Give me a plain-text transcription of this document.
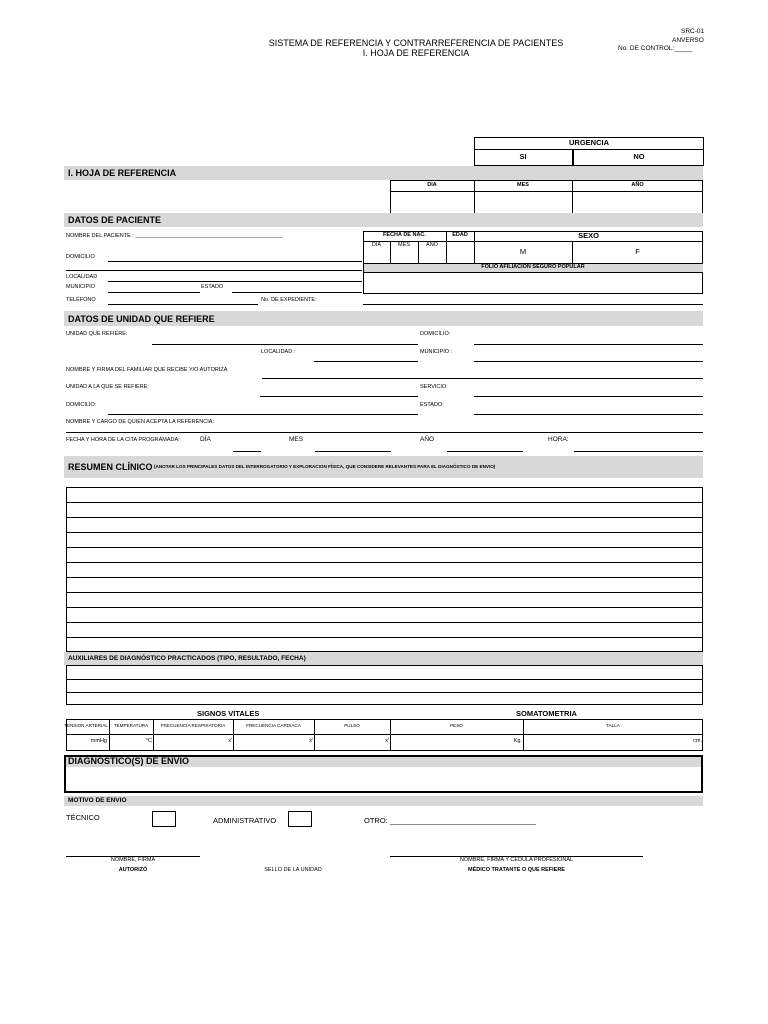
SISTEMA DE REFERENCIA Y CONTRARREFERENCIA DE PACIENTES
I. HOJA DE REFERENCIA
SRC-01
ANVERSO
No. DE CONTROL:_____
URGENCIA
SI	NO
I. HOJA DE REFERENCIA
DIA	MES	AÑO
DATOS DE PACIENTE
NOMBRE DEL PACIENTE : ________________________________________________
DOMICILIO
LOCALIDAD
MUNICIPIO	ESTADO
TELÉFONO	No. DE EXPEDIENTE:
FECHA DE NAC.	EDAD	SEXO
DIA	MES	AÑO
M	F
FOLIO AFILIACIÓN SEGURO POPULAR
DATOS DE UNIDAD QUE REFIERE
UNIDAD QUE REFIERE:	DOMICILIO:
LOCALIDAD :	MUNICIPIO :
NOMBRE Y FIRMA DEL FAMILIAR QUE RECIBE Y/O AUTORIZA
UNIDAD A LA QUE SE REFIERE:	SERVICIO:
DOMICILIO:	ESTADO:
NOMBRE Y CARGO DE QUIEN ACEPTA LA REFERENCIA:
FECHA Y HORA DE LA CITA PROGRAMADA:	DÍA	MES	AÑO	HORA:
RESUMEN CLÍNICO (ANOTAR LOS PRINCIPALES DATOS DEL INTERROGATORIO Y EXPLORACION FÍSICA, QUE CONSIDERE RELEVANTES PARA EL DIAGNÓSTICO DE ENVIO)
AUXILIARES DE DIAGNÓSTICO PRACTICADOS (TIPO, RESULTADO, FECHA)
SIGNOS VITALES	SOMATOMETRIA
TENSIÓN ARTERIAL	TEMPERATURA	FRECUENCIA RESPIRATORIA	FRECUENCIA CARDIACA	PULSO	PESO	TALLA
mmHg	°C	x'	x'	x'	Kg.	cm.
DIAGNÓSTICO(S) DE ENVÍO
MOTIVO DE ENVIO
TÉCNICO	ADMINISTRATIVO	OTRO: ___________________________________
NOMBRE, FIRMA
AUTORIZÓ	SELLO DE LA UNIDAD
NOMBRE, FIRMA Y CÉDULA PROFESIONAL
MÉDICO TRATANTE O QUE REFIERE
